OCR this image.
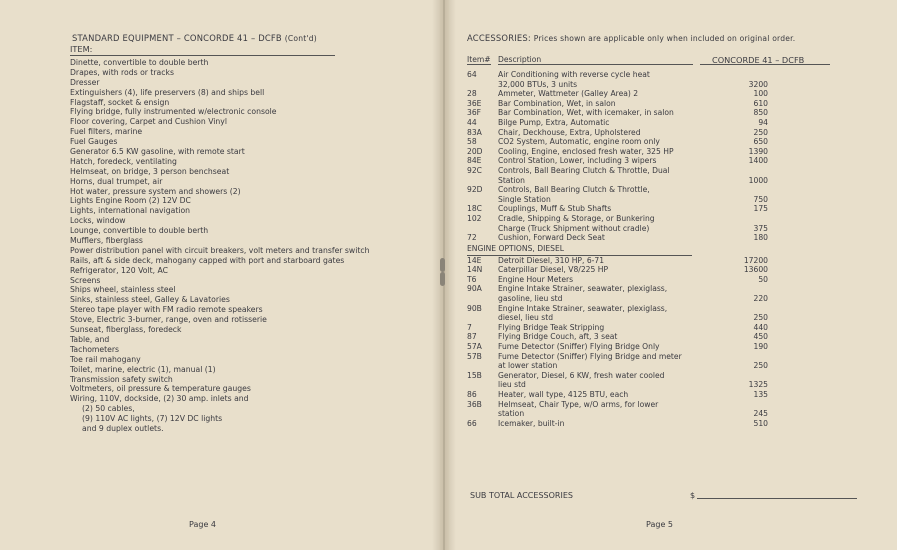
STANDARD EQUIPMENT – CONCORDE 41 – DCFB (Cont'd)
ITEM:
Dinette, convertible to double berth
Drapes, with rods or tracks
Dresser
Extinguishers (4), life preservers (8) and ships bell
Flagstaff, socket & ensign
Flying bridge, fully instrumented w/electronic console
Floor covering, Carpet and Cushion Vinyl
Fuel filters, marine
Fuel Gauges
Generator 6.5 KW gasoline, with remote start
Hatch, foredeck, ventilating
Helmseat, on bridge, 3 person benchseat
Horns, dual trumpet, air
Hot water, pressure system and showers (2)
Lights Engine Room (2) 12V DC
Lights, international navigation
Locks, window
Lounge, convertible to double berth
Mufflers, fiberglass
Power distribution panel with circuit breakers, volt meters and transfer switch
Rails, aft & side deck, mahogany capped with port and starboard gates
Refrigerator, 120 Volt, AC
Screens
Ships wheel, stainless steel
Sinks, stainless steel, Galley & Lavatories
Stereo tape player with FM radio remote speakers
Stove, Electric 3-burner, range, oven and rotisserie
Sunseat, fiberglass, foredeck
Table, and
Tachometers
Toe rail mahogany
Toilet, marine, electric (1), manual (1)
Transmission safety switch
Voltmeters, oil pressure & temperature gauges
Wiring, 110V, dockside, (2) 30 amp. inlets and
(2) 50 cables,
(9) 110V AC lights, (7) 12V DC lights
and 9 duplex outlets.
Page 4
ACCESSORIES: Prices shown are applicable only when included on original order.
Item# Description	CONCORDE 41 – DCFB
64	Air Conditioning with reverse cycle heat
32,000 BTUs, 3 units	3200
28	Ammeter, Wattmeter (Galley Area) 2	100
36E	Bar Combination, Wet, in salon	610
36F	Bar Combination, Wet, with icemaker, in salon	850
44	Bilge Pump, Extra, Automatic	94
83A	Chair, Deckhouse, Extra, Upholstered	250
58	CO2 System, Automatic, engine room only	650
20D	Cooling, Engine, enclosed fresh water, 325 HP	1390
84E	Control Station, Lower, including 3 wipers	1400
92C	Controls, Ball Bearing Clutch & Throttle, Dual
Station	1000
92D	Controls, Ball Bearing Clutch & Throttle,
Single Station	750
18C	Couplings, Muff & Stub Shafts	175
102	Cradle, Shipping & Storage, or Bunkering
Charge (Truck Shipment without cradle)	375
72	Cushion, Forward Deck Seat	180
ENGINE OPTIONS, DIESEL
14E	Detroit Diesel, 310 HP, 6-71	17200
14N	Caterpillar Diesel, V8/225 HP	13600
T6	Engine Hour Meters	50
90A	Engine Intake Strainer, seawater, plexiglass,
gasoline, lieu std	220
90B	Engine Intake Strainer, seawater, plexiglass,
diesel, lieu std	250
7	Flying Bridge Teak Stripping	440
87	Flying Bridge Couch, aft, 3 seat	450
57A	Fume Detector (Sniffer) Flying Bridge Only	190
57B	Fume Detector (Sniffer) Flying Bridge and meter
at lower station	250
15B	Generator, Diesel, 6 KW, fresh water cooled
lieu std	1325
86	Heater, wall type, 4125 BTU, each	135
36B	Helmseat, Chair Type, w/O arms, for lower
station	245
66	Icemaker, built-in	510
SUB TOTAL ACCESSORIES	$
Page 5
